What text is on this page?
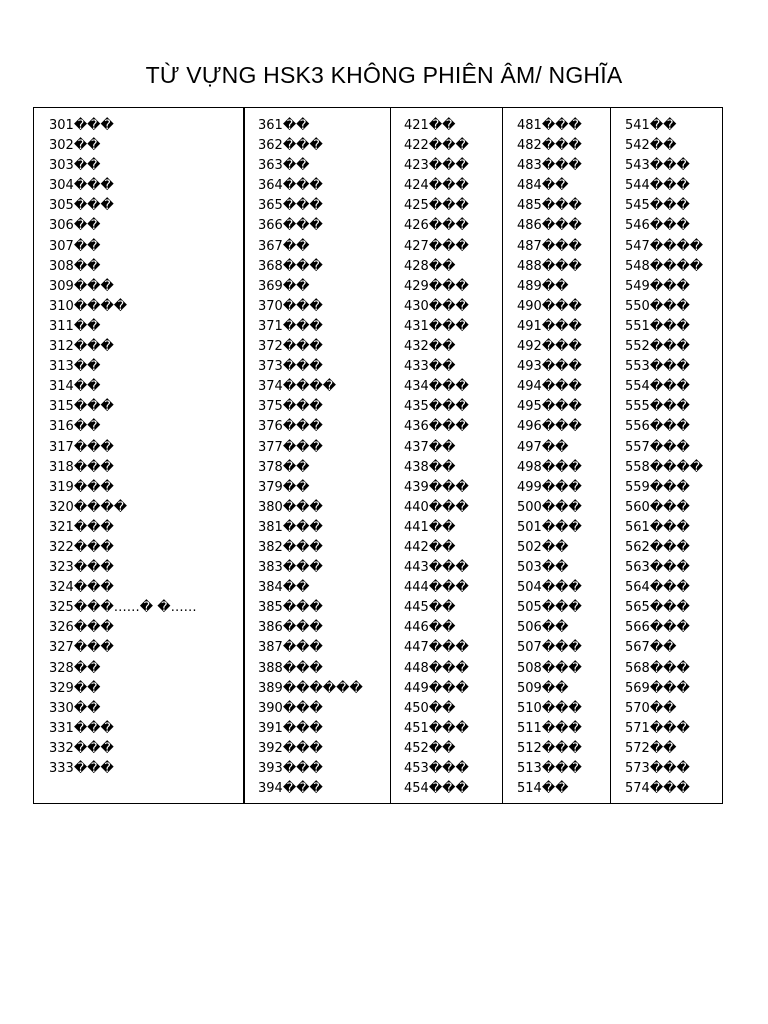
TỪ VỰNG HSK3 KHÔNG PHIÊN ÂM/ NGHĨA
301���
302��
303��
304���
305���
306��
307��
308��
309���
310����
311��
312���
313��
314��
315���
316��
317���
318���
319���
320����
321���
322���
323���
324���
325���……� �……
326���
327���
328��
329��
330��
331���
332���
333���
361��
362���
363��
364���
365���
366���
367��
368���
369��
370���
371���
372���
373���
374����
375���
376���
377���
378��
379��
380���
381���
382���
383���
384��
385���
386���
387���
388���
389������
390���
391���
392���
393���
394���
421��
422���
423���
424���
425���
426���
427���
428��
429���
430���
431���
432��
433��
434���
435���
436���
437��
438��
439���
440���
441��
442��
443���
444���
445��
446��
447���
448���
449���
450��
451���
452��
453���
454���
481���
482���
483���
484��
485���
486���
487���
488���
489��
490���
491���
492���
493���
494���
495���
496���
497��
498���
499���
500���
501���
502��
503��
504���
505���
506��
507���
508���
509��
510���
511���
512���
513���
514��
541��
542��
543���
544���
545���
546���
547����
548����
549���
550���
551���
552���
553���
554���
555���
556���
557���
558����
559���
560���
561���
562���
563���
564���
565���
566���
567��
568���
569���
570��
571���
572��
573���
574���
